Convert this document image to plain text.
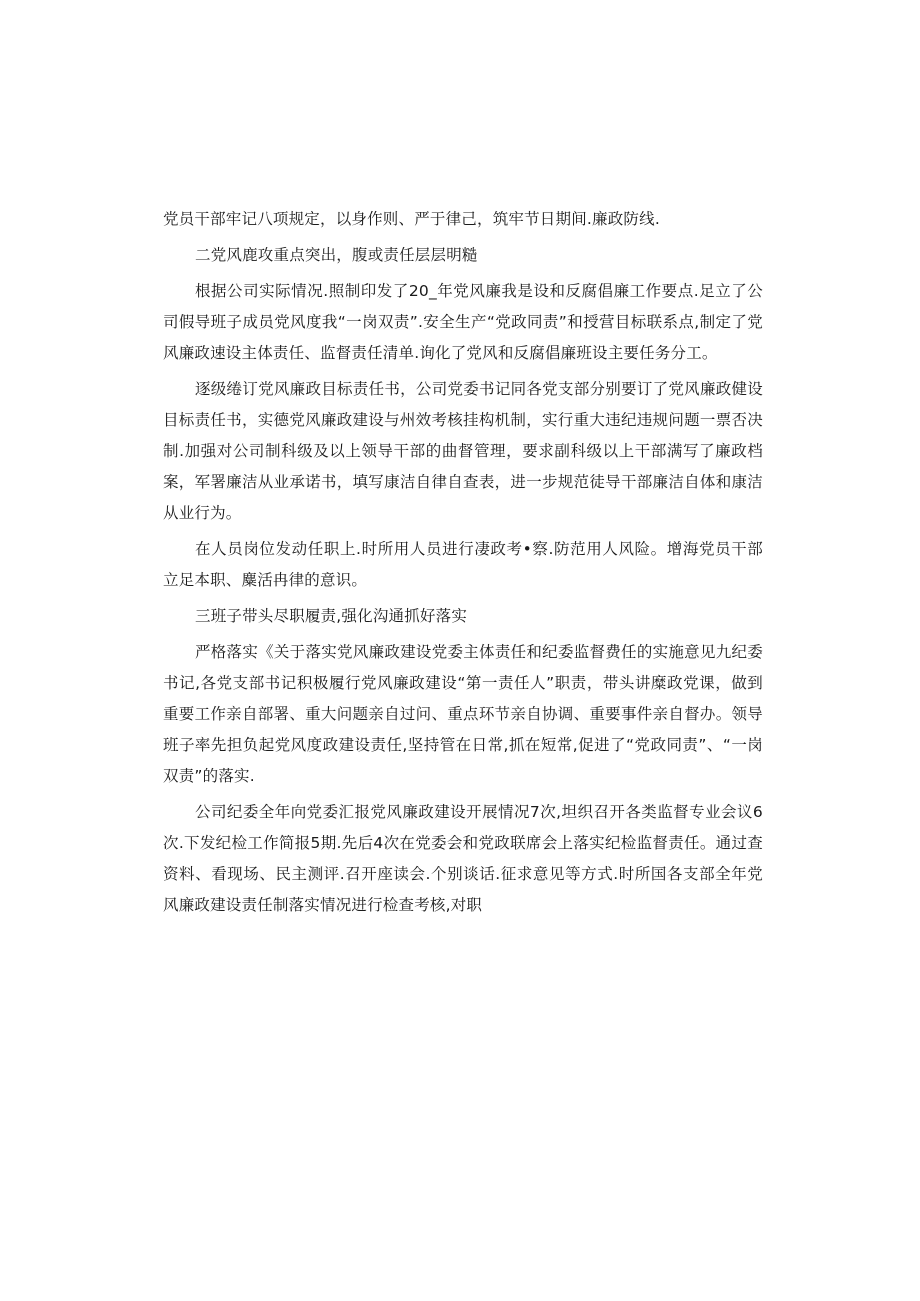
党员干部牢记八项规定，以身作则、严于律己，筑牢节日期间.廉政防线.

二党风鹿攻重点突出，腹或责任层层明糙

根据公司实际情况.照制印发了20_年党风廉我是设和反腐倡廉工作要点.足立了公司假导班子成员党风度我“一岗双责”.安全生产“党政同责”和授营目标联系点,制定了党风廉政速设主体责任、监督责任清单.询化了党风和反腐倡廉班设主要任务分工。

逐级绻订党风廉政目标责任书，公司党委书记同各党支部分别要订了党风廉政健设目标责任书，实德党风廉政建设与州效考核挂构机制，实行重大违纪违规问题一票否决制.加强对公司制科级及以上领导干部的曲督管理，要求副科级以上干部满写了廉政档案，军署廉洁从业承诺书，填写康洁自律自查表，进一步规范徒导干部廉洁自体和康洁从业行为。

在人员岗位发动任职上.时所用人员进行凄政考•察.防范用人风险。增海党员干部立足本职、麋活冉律的意识。

三班子带头尽职履责,强化沟通抓好落实

严格落实《关于落实党风廉政建设党委主体责任和纪委监督费任的实施意见九纪委书记,各党支部书记积极履行党风廉政建设“第一责任人”职责，带头讲糜政党课，做到重要工作亲自部署、重大问题亲自过问、重点环节亲自协调、重要事件亲自督办。领导班子率先担负起党风度政建设责任,坚持管在日常,抓在短常,促进了“党政同责”、“一岗双责”的落实.

公司纪委全年向党委汇报党风廉政建设开展情况7次,坦织召开各类监督专业会议6次.下发纪检工作简报5期.先后4次在党委会和党政联席会上落实纪检监督责任。通过查资料、看现场、民主测评.召开座读会.个别谈话.征求意见等方式.时所国各支部全年党风廉政建设责任制落实情况进行检查考核,对职
